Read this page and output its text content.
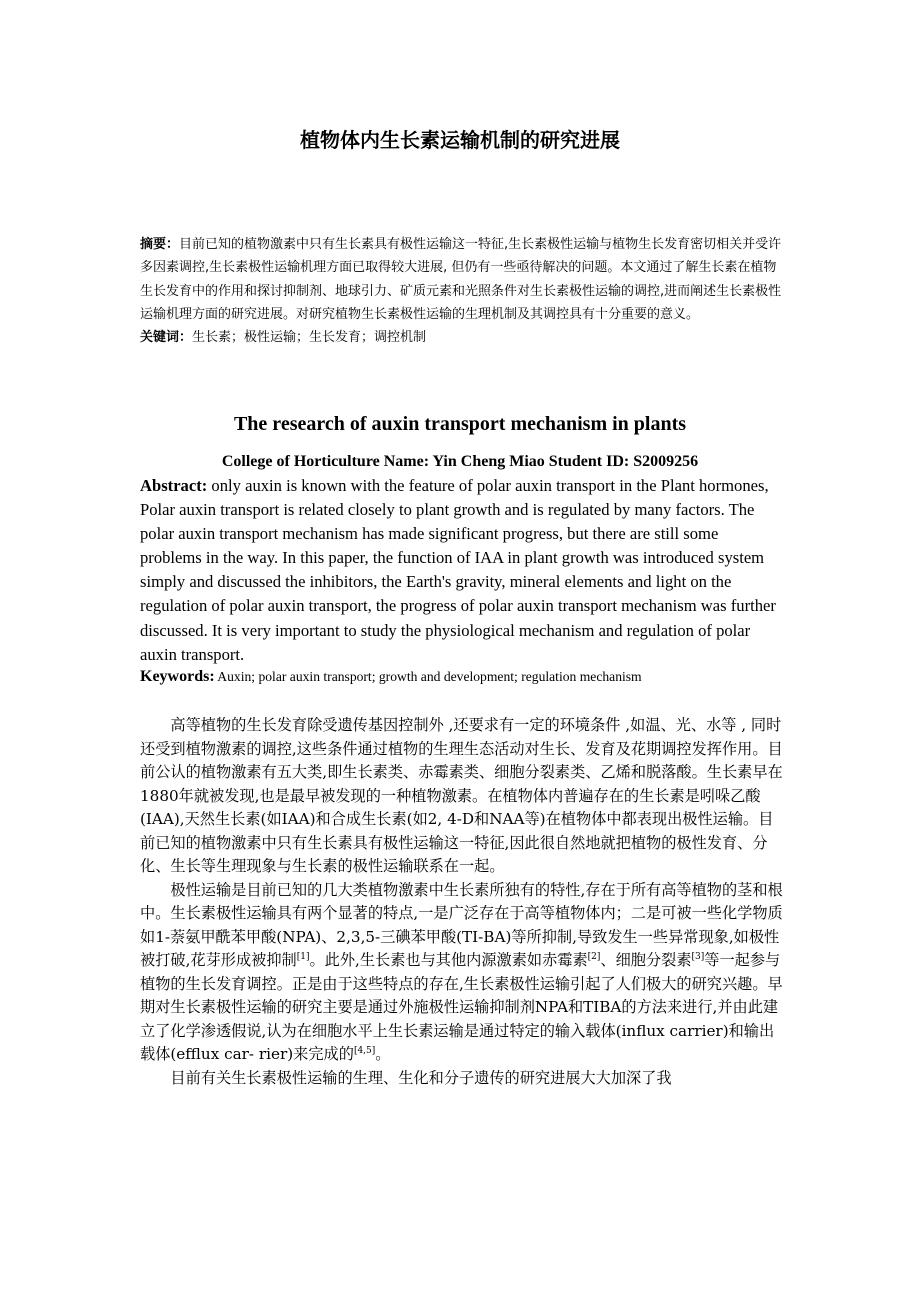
植物体内生长素运输机制的研究进展
摘要：目前已知的植物激素中只有生长素具有极性运输这一特征,生长素极性运输与植物生长发育密切相关并受许多因素调控,生长素极性运输机理方面已取得较大进展, 但仍有一些亟待解决的问题。本文通过了解生长素在植物生长发育中的作用和探讨抑制剂、地球引力、矿质元素和光照条件对生长素极性运输的调控,进而阐述生长素极性运输机理方面的研究进展。对研究植物生长素极性运输的生理机制及其调控具有十分重要的意义。
关键词：生长素；极性运输；生长发育；调控机制
The research of auxin transport mechanism in plants
College of Horticulture Name: Yin Cheng Miao Student ID: S2009256
Abstract: only auxin is known with the feature of polar auxin transport in the Plant hormones, Polar auxin transport is related closely to plant growth and is regulated by many factors. The polar auxin transport mechanism has made significant progress, but there are still some problems in the way. In this paper, the function of IAA in plant growth was introduced system simply and discussed the inhibitors, the Earth's gravity, mineral elements and light on the regulation of polar auxin transport, the progress of polar auxin transport mechanism was further discussed. It is very important to study the physiological mechanism and regulation of polar auxin transport.
Keywords: Auxin; polar auxin transport; growth and development; regulation mechanism

高等植物的生长发育除受遗传基因控制外 ,还要求有一定的环境条件 ,如温、光、水等 , 同时还受到植物激素的调控,这些条件通过植物的生理生态活动对生长、发育及花期调控发挥作用。目前公认的植物激素有五大类,即生长素类、赤霉素类、细胞分裂素类、乙烯和脱落酸。生长素早在1880年就被发现,也是最早被发现的一种植物激素。在植物体内普遍存在的生长素是吲哚乙酸(IAA),天然生长素(如IAA)和合成生长素(如2, 4-D和NAA等)在植物体中都表现出极性运输。目前已知的植物激素中只有生长素具有极性运输这一特征,因此很自然地就把植物的极性发育、分化、生长等生理现象与生长素的极性运输联系在一起。

极性运输是目前已知的几大类植物激素中生长素所独有的特性,存在于所有高等植物的茎和根中。生长素极性运输具有两个显著的特点,一是广泛存在于高等植物体内；二是可被一些化学物质如1-萘氨甲酰苯甲酸(NPA)、2,3,5-三碘苯甲酸(TI-BA)等所抑制,导致发生一些异常现象,如极性被打破,花芽形成被抑制[1]。此外,生长素也与其他内源激素如赤霉素[2]、细胞分裂素[3]等一起参与植物的生长发育调控。正是由于这些特点的存在,生长素极性运输引起了人们极大的研究兴趣。早期对生长素极性运输的研究主要是通过外施极性运输抑制剂NPA和TIBA的方法来进行,并由此建立了化学渗透假说,认为在细胞水平上生长素运输是通过特定的输入载体(influx carrier)和输出载体(efflux car- rier)来完成的[4,5]。

目前有关生长素极性运输的生理、生化和分子遗传的研究进展大大加深了我
